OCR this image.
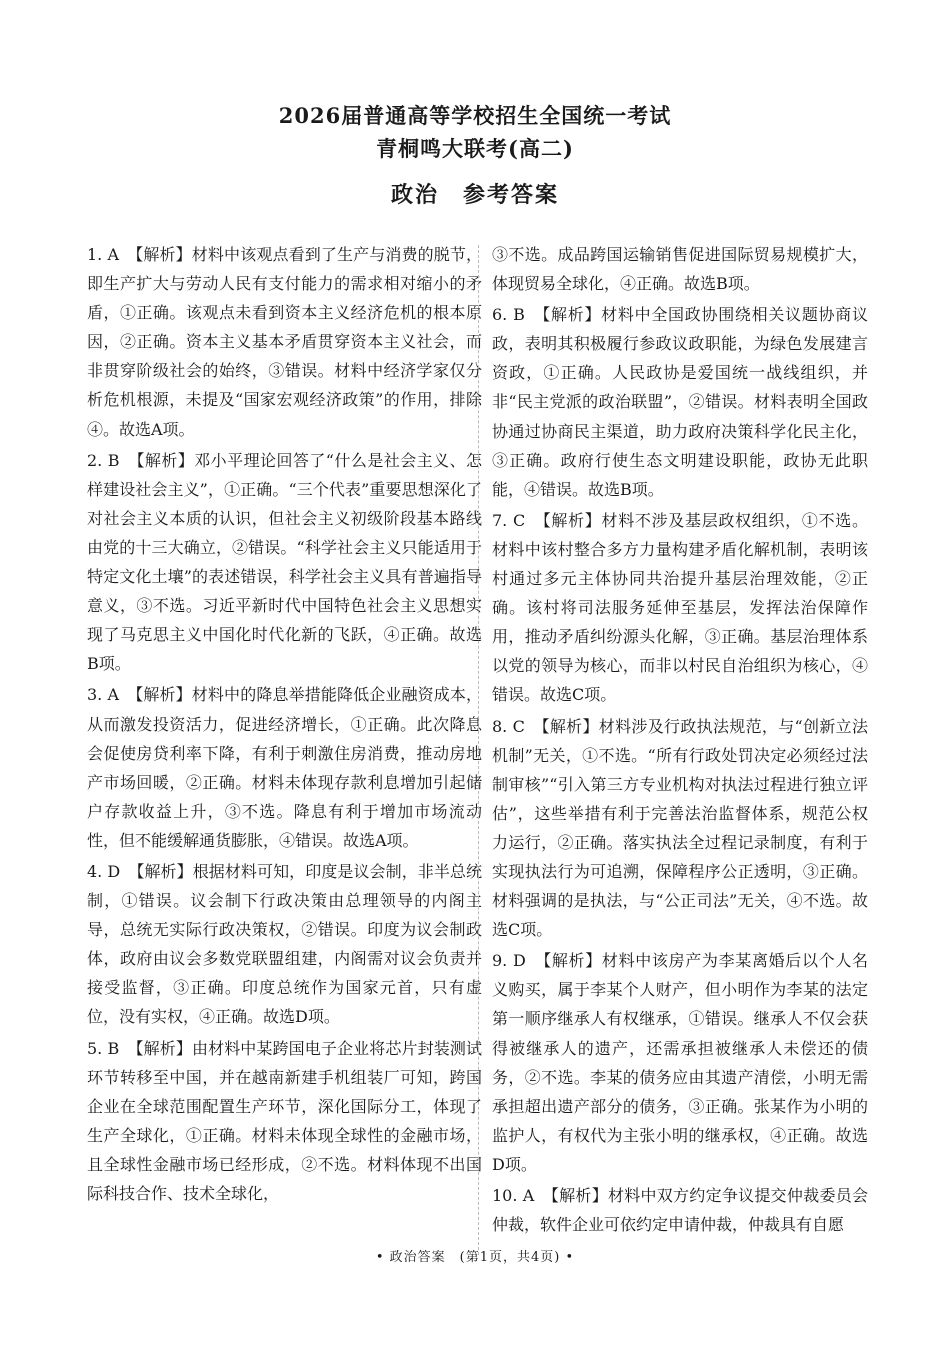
2026届普通高等学校招生全国统一考试
青桐鸣大联考(高二)
政治　参考答案

1. A　【解析】材料中该观点看到了生产与消费的脱节，即生产扩大与劳动人民有支付能力的需求相对缩小的矛盾，①正确。该观点未看到资本主义经济危机的根本原因，②正确。资本主义基本矛盾贯穿资本主义社会，而非贯穿阶级社会的始终，③错误。材料中经济学家仅分析危机根源，未提及“国家宏观经济政策”的作用，排除④。故选A项。

2. B　【解析】邓小平理论回答了“什么是社会主义、怎样建设社会主义”，①正确。“三个代表”重要思想深化了对社会主义本质的认识，但社会主义初级阶段基本路线由党的十三大确立，②错误。“科学社会主义只能适用于特定文化土壤”的表述错误，科学社会主义具有普遍指导意义，③不选。习近平新时代中国特色社会主义思想实现了马克思主义中国化时代化新的飞跃，④正确。故选B项。

3. A　【解析】材料中的降息举措能降低企业融资成本，从而激发投资活力，促进经济增长，①正确。此次降息会促使房贷利率下降，有利于刺激住房消费，推动房地产市场回暖，②正确。材料未体现存款利息增加引起储户存款收益上升，③不选。降息有利于增加市场流动性，但不能缓解通货膨胀，④错误。故选A项。

4. D　【解析】根据材料可知，印度是议会制，非半总统制，①错误。议会制下行政决策由总理领导的内阁主导，总统无实际行政决策权，②错误。印度为议会制政体，政府由议会多数党联盟组建，内阁需对议会负责并接受监督，③正确。印度总统作为国家元首，只有虚位，没有实权，④正确。故选D项。

5. B　【解析】由材料中某跨国电子企业将芯片封装测试环节转移至中国，并在越南新建手机组装厂可知，跨国企业在全球范围配置生产环节，深化国际分工，体现了生产全球化，①正确。材料未体现全球性的金融市场，且全球性金融市场已经形成，②不选。材料体现不出国际科技合作、技术全球化，

③不选。成品跨国运输销售促进国际贸易规模扩大，体现贸易全球化，④正确。故选B项。

6. B　【解析】材料中全国政协围绕相关议题协商议政，表明其积极履行参政议政职能，为绿色发展建言资政，①正确。人民政协是爱国统一战线组织，并非“民主党派的政治联盟”，②错误。材料表明全国政协通过协商民主渠道，助力政府决策科学化民主化，③正确。政府行使生态文明建设职能，政协无此职能，④错误。故选B项。

7. C　【解析】材料不涉及基层政权组织，①不选。材料中该村整合多方力量构建矛盾化解机制，表明该村通过多元主体协同共治提升基层治理效能，②正确。该村将司法服务延伸至基层，发挥法治保障作用，推动矛盾纠纷源头化解，③正确。基层治理体系以党的领导为核心，而非以村民自治组织为核心，④错误。故选C项。

8. C　【解析】材料涉及行政执法规范，与“创新立法机制”无关，①不选。“所有行政处罚决定必须经过法制审核”“引入第三方专业机构对执法过程进行独立评估”，这些举措有利于完善法治监督体系，规范公权力运行，②正确。落实执法全过程记录制度，有利于实现执法行为可追溯，保障程序公正透明，③正确。材料强调的是执法，与“公正司法”无关，④不选。故选C项。

9. D　【解析】材料中该房产为李某离婚后以个人名义购买，属于李某个人财产，但小明作为李某的法定第一顺序继承人有权继承，①错误。继承人不仅会获得被继承人的遗产，还需承担被继承人未偿还的债务，②不选。李某的债务应由其遗产清偿，小明无需承担超出遗产部分的债务，③正确。张某作为小明的监护人，有权代为主张小明的继承权，④正确。故选D项。

10. A　【解析】材料中双方约定争议提交仲裁委员会仲裁，软件企业可依约定申请仲裁，仲裁具有自愿

• 政治答案　(第1页，共4页) •
